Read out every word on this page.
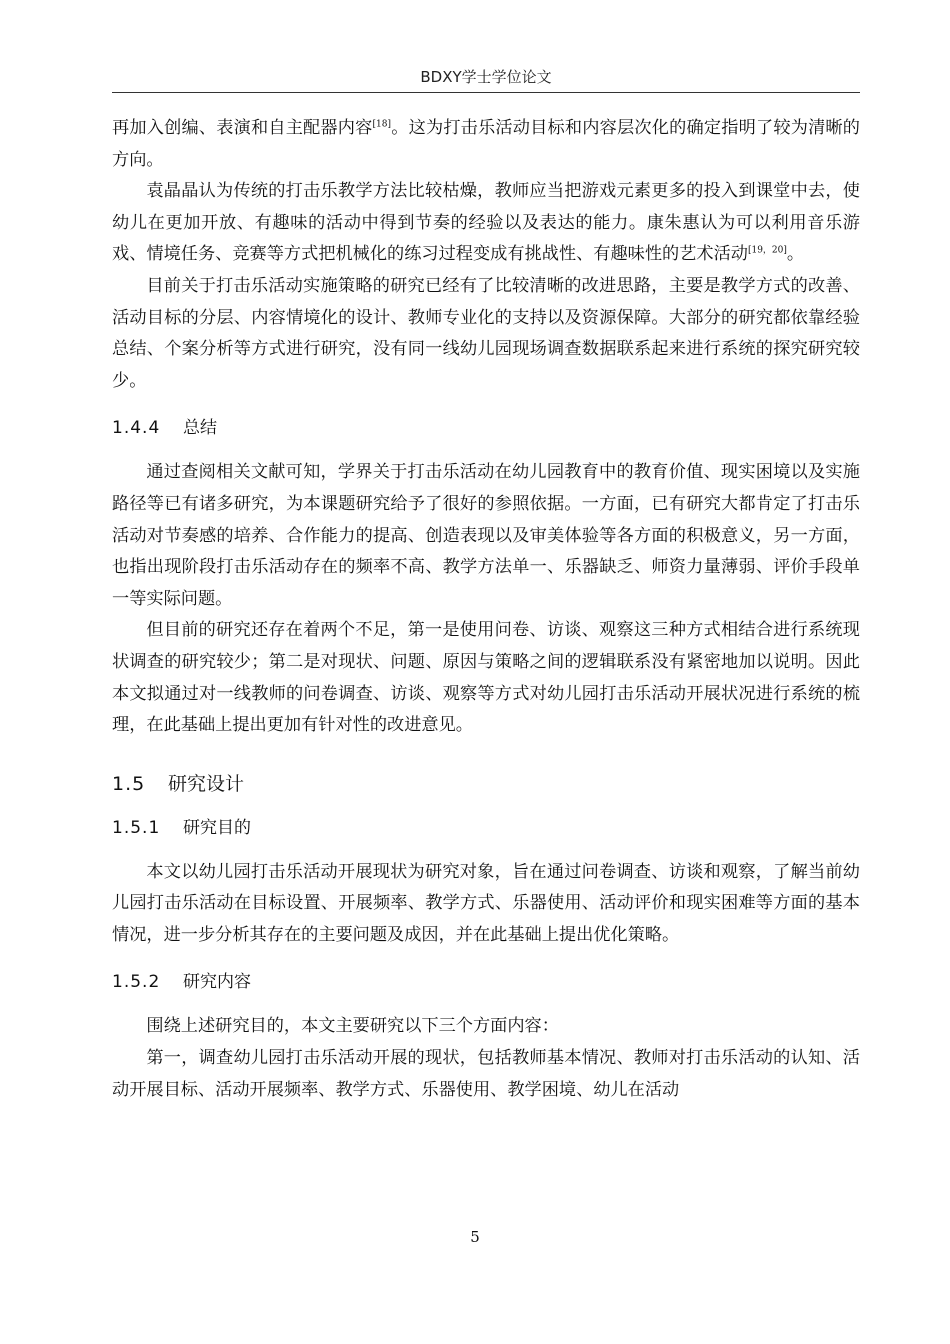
BDXY学士学位论文

再加入创编、表演和自主配器内容[18]。这为打击乐活动目标和内容层次化的确定指明了较为清晰的方向。

袁晶晶认为传统的打击乐教学方法比较枯燥，教师应当把游戏元素更多的投入到课堂中去，使幼儿在更加开放、有趣味的活动中得到节奏的经验以及表达的能力。康朱惠认为可以利用音乐游戏、情境任务、竞赛等方式把机械化的练习过程变成有挑战性、有趣味性的艺术活动[19，20]。

目前关于打击乐活动实施策略的研究已经有了比较清晰的改进思路，主要是教学方式的改善、活动目标的分层、内容情境化的设计、教师专业化的支持以及资源保障。大部分的研究都依靠经验总结、个案分析等方式进行研究，没有同一线幼儿园现场调查数据联系起来进行系统的探究研究较少。

1.4.4 总结

通过查阅相关文献可知，学界关于打击乐活动在幼儿园教育中的教育价值、现实困境以及实施路径等已有诸多研究，为本课题研究给予了很好的参照依据。一方面，已有研究大都肯定了打击乐活动对节奏感的培养、合作能力的提高、创造表现以及审美体验等各方面的积极意义，另一方面，也指出现阶段打击乐活动存在的频率不高、教学方法单一、乐器缺乏、师资力量薄弱、评价手段单一等实际问题。

但目前的研究还存在着两个不足，第一是使用问卷、访谈、观察这三种方式相结合进行系统现状调查的研究较少；第二是对现状、问题、原因与策略之间的逻辑联系没有紧密地加以说明。因此本文拟通过对一线教师的问卷调查、访谈、观察等方式对幼儿园打击乐活动开展状况进行系统的梳理，在此基础上提出更加有针对性的改进意见。

1.5 研究设计
1.5.1 研究目的

本文以幼儿园打击乐活动开展现状为研究对象，旨在通过问卷调查、访谈和观察，了解当前幼儿园打击乐活动在目标设置、开展频率、教学方式、乐器使用、活动评价和现实困难等方面的基本情况，进一步分析其存在的主要问题及成因，并在此基础上提出优化策略。

1.5.2 研究内容

围绕上述研究目的，本文主要研究以下三个方面内容：

第一，调查幼儿园打击乐活动开展的现状，包括教师基本情况、教师对打击乐活动的认知、活动开展目标、活动开展频率、教学方式、乐器使用、教学困境、幼儿在活动

5
